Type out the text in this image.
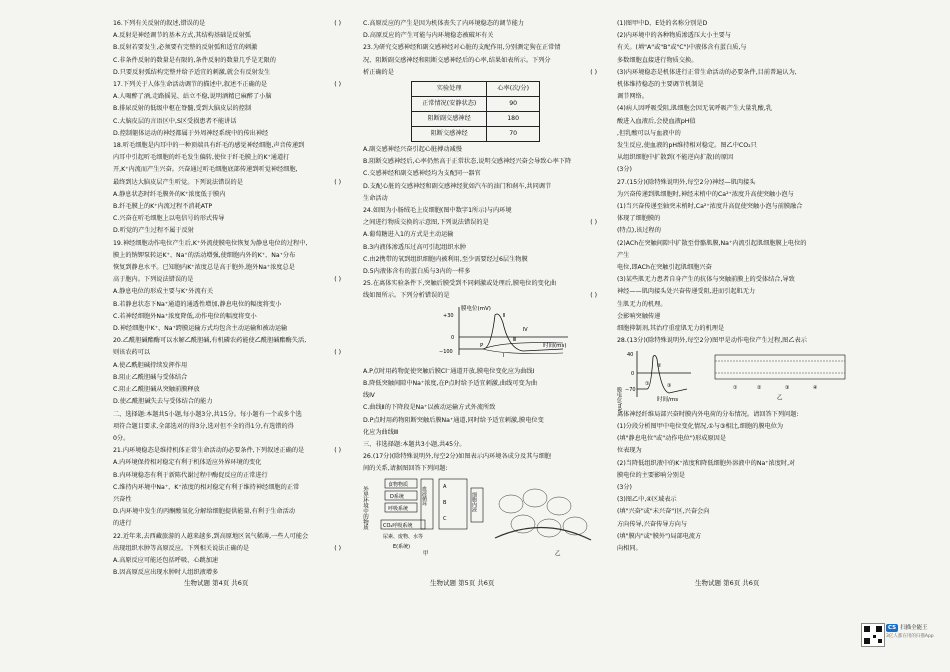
16.下列有关反射的叙述,错误的是	( )
A.反射是神经调节的基本方式,其结构基础是反射弧
B.反射若要发生,必须要有完整的反射弧和适宜的刺激
C.非条件反射的数量是有限的,条件反射的数量几乎是无限的
D.只要反射弧结构完整并给予适宜的刺激,就会有反射发生
17.下列关于人体生命活动调节的描述中,叙述不正确的是	( )
A.人喝醉了酒,走路摇晃、站立不稳,说明酒精已麻醉了小脑
B.排尿反射的低级中枢在脊髓,受到大脑皮层的控制
C.大脑皮层的言语区中,S区受损患者不能讲话
D.控制躯体运动的神经都属于外周神经系统中的传出神经
18.听毛细胞是内耳中的一种顶端具有纤毛的感觉神经细胞,声音传递到
内耳中引起听毛细胞的纤毛发生偏转,使位于纤毛膜上的K⁺通道打
开,K⁺内流而产生兴奋。兴奋通过听毛细胞底部传递到听觉神经细胞,
最终到达大脑皮层产生听觉。下列说法错误的是	( )
A.静息状态时纤毛膜外的K⁺浓度低于膜内
B.纤毛膜上的K⁺内流过程不消耗ATP
C.兴奋在听毛细胞上以电信号的形式传导
D.听觉的产生过程不属于反射
19.神经细胞动作电位产生后,K⁺外流使膜电位恢复为静息电位的过程中,
膜上的钠钾泵转运K⁺、Na⁺的活动增强,使细胞内外的K⁺、Na⁺分布
恢复到静息水平。已知胞内K⁺浓度总是高于胞外,胞外Na⁺浓度总是
高于胞内。下列说法错误的是	( )
A.静息电位的形成主要与K⁺外流有关
B.若静息状态下Na⁺通道的通透性增加,静息电位的幅度将变小
C.若神经细胞外Na⁺浓度降低,动作电位的幅度将变小
D.神经细胞中K⁺、Na⁺跨膜运输方式均包含主动运输和被动运输
20.乙酰胆碱酯酶可以水解乙酰胆碱,有机磷农药能使乙酰胆碱酯酶失活,
则该农药可以	( )
A.使乙酰胆碱持续发挥作用
B.阻止乙酰胆碱与受体结合
C.阻止乙酰胆碱从突触前膜释放
D.使乙酰胆碱失去与受体结合的能力
二、选择题:本题共5小题,每小题3分,共15分。每小题有一个或多个选
项符合题目要求,全部选对的得3分,选对但不全的得1分,有选错的得
0分。
21.内环境稳态是维持机体正常生命活动的必要条件,下列叙述正确的是	( )
A.内环境保持相对稳定有利于机体适应外界环境的变化
B.内环境稳态有利于新陈代谢过程中酶促反应的正常进行
C.维持内环境中Na⁺、K⁺浓度的相对稳定有利于维持神经细胞的正常
兴奋性
D.内环境中发生的丙酮酸氧化分解给细胞提供能量,有利于生命活动
的进行
22.近年来,去西藏旅游的人越来越多,到高原地区氧气稀薄,一些人可能会
出现组织水肿等高原反应。下列相关说法正确的是	( )
A.高原反应可能还包括呼吸、心跳加速
B.因高原反应出现水肿时人组织液增多
C.高原反应的产生是因为机体丧失了内环境稳态的调节能力
D.高原反应的产生可能与内环境稳态被破坏有关
23.为研究交感神经和副交感神经对心脏的支配作用,分别测定狗在正常情
况、阻断副交感神经和阻断交感神经后的心率,结果如表所示。下列分
析正确的是	( )
实验处理	心率(次/分)
正常情况(安静状态)	90
阻断副交感神经	180
阻断交感神经	70
A.副交感神经兴奋引起心脏搏动减慢
B.阻断交感神经后,心率仍然高于正常状态,说明交感神经兴奋会导致心率下降
C.交感神经和副交感神经均为支配同一器官
D.支配心脏的交感神经和副交感神经犹如汽车的油门和刹车,共同调节
生命活动
24.如图为小肠绒毛上皮细胞(图中数字1所示)与内环境
之间进行物质交换的示意图,下列说法错误的是	( )
A.葡萄糖进入1的方式是主动运输
B.3内液体渗透压过高可引起组织水肿
C.由2携带的氧到组织细胞内被利用,至少需要经过6层生物膜
D.5内液体含有的蛋白质与3内的一样多
25.在离体实验条件下,突触后膜受到不同刺激或处理后,膜电位的变化曲
线如图所示。下列分析错误的是	( )
膜电位(mV)
+30
0
−100
时间(ms)
P
Ⅰ
Ⅱ
Ⅲ
Ⅳ
A.P点时用药物促使突触后膜Cl⁻通道开放,膜电位变化应为曲线Ⅰ
B.降低突触间隙中Na⁺浓度,在P点时给予适宜刺激,曲线可变为曲
线Ⅳ
C.曲线Ⅱ的下降段是Na⁺以被动运输方式外流所致
D.P点时用药物阻断突触后膜Na⁺通道,同时给予适宜刺激,膜电位变
化应为曲线Ⅲ
三、非选择题:本题共3小题,共45分。
26.(17分)(除特殊说明外,每空2分)如图表示内环境各成分及其与细胞
间的关系,请据图回答下列问题:
外界环境中的物质
食物物质
D系统
呼吸系统
血液循环	A
B
C
细胞内液
CO₂呼吸系统
尿素、废物、水等
E(系统)
甲	乙
(1)图甲中D、E处的名称分别是D
(2)内环境中的各种物质渗透压大小主要与
有关。(填"A"或"B"或"C")中液体含有蛋白质,与
多数细胞直接进行物质交换。
(3)内环境稳态是机体进行正常生命活动的必要条件,目前普遍认为,
机体维持稳态的主要调节机制是
调节网络。
(4)病人因呼吸受阻,肌细胞会因无氧呼吸产生大量乳酸,乳
酸进入血液后,会使血液pH值
,但乳酸可以与血液中的
发生反应,使血液的pH维持相对稳定。图乙中CO₂只
从组织细胞中扩散到(不能逆向扩散)的原因
(3分)
27.(15分)(除特殊说明外,每空2分)神经—肌肉接头
为兴奋传递到肌细胞时,神经末梢中的Ca²⁺浓度升高使突触小泡与
(1)当兴奋传递至轴突末梢时,Ca²⁺浓度升高促使突触小泡与前膜融合
体现了细胞膜的
(特点),该过程的
(2)ACh在突触间隙中扩散至骨骼肌膜,Na⁺内流引起肌细胞膜上电位的
产生
电位,即ACh在突触引起肌细胞兴奋
(3)某些肌无力患者自身产生的抗体与突触前膜上的受体结合,导致
神经——肌肉接头处兴奋传递受阻,进而引起肌无力
生肌无力的机理。
会影响突触传递
细胞抑制剂,其治疗重症肌无力的机理是
28.(13分)(除特殊说明外,每空2分)图甲是动作电位产生过程,图乙表示
膜电位/mV
40
0
−70
①
②
③
时间/ms
①	②	③	④
乙
离体神经纤维局部兴奋时膜内外电荷的分布情况。请回答下列问题:
(1)分段分析图甲中电位变化情况,①与③相比,细胞的膜电位为
(填"静息电位"或"动作电位")形成原因是
位表现为
(2)当降低组织液中的K⁺浓度和降低细胞外溶液中的Na⁺浓度时,对
膜电位的主要影响分别是
(3分)
(3)图乙中,④区域表示
(填"兴奋"或"未兴奋")区,兴奋会向
方向传导,兴奋传导方向与
(填"膜内"或"膜外")局部电流方
向相同。
生物试题 第4页 共6页	生物试题 第5页 共6页	生物试题 第6页 共6页
CS 扫描全能王
3亿人都在用的扫描App
